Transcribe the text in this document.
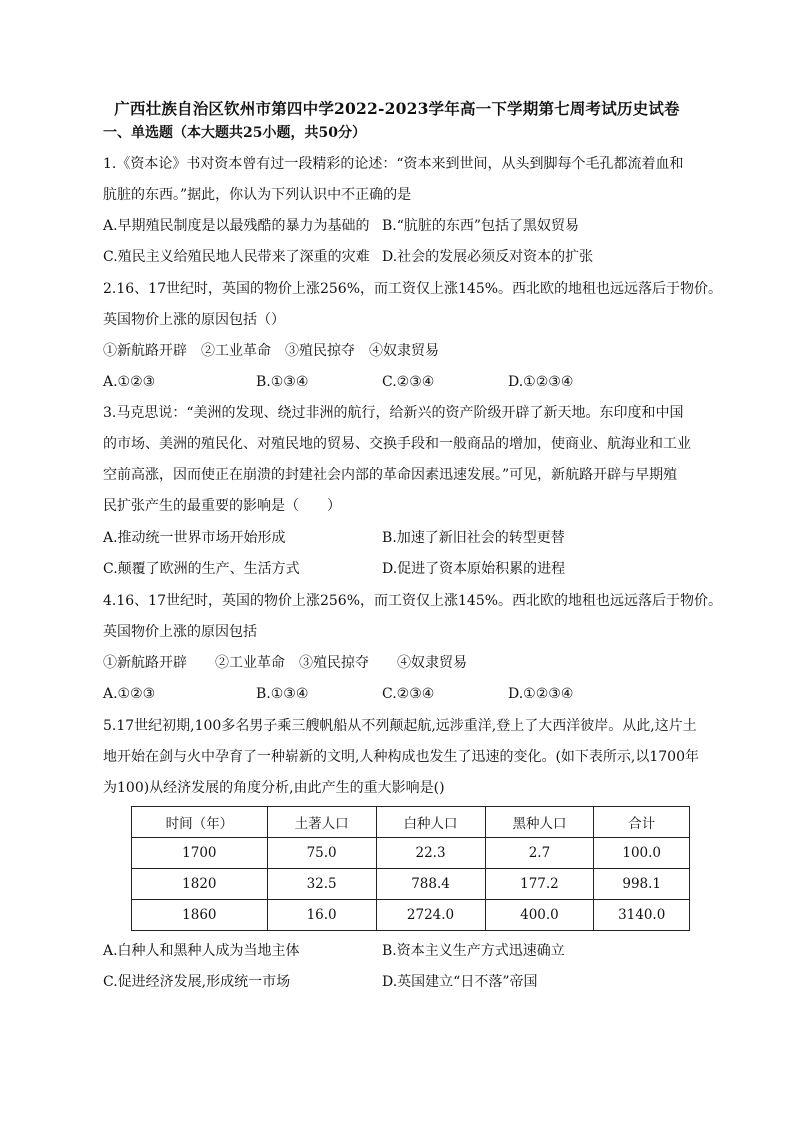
广西壮族自治区钦州市第四中学2022-2023学年高一下学期第七周考试历史试卷
一、单选题（本大题共25小题，共50分）
1.《资本论》书对资本曾有过一段精彩的论述：“资本来到世间，从头到脚每个毛孔都流着血和
肮脏的东西。”据此，你认为下列认识中不正确的是
A.早期殖民制度是以最残酷的暴力为基础的 B.“肮脏的东西”包括了黑奴贸易
C.殖民主义给殖民地人民带来了深重的灾难 D.社会的发展必须反对资本的扩张
2.16、17世纪时，英国的物价上涨256%，而工资仅上涨145%。西北欧的地租也远远落后于物价。
英国物价上涨的原因包括（）
①新航路开辟　②工业革命　③殖民掠夺　④奴隶贸易
A.①②③	B.①③④	C.②③④	D.①②③④
3.马克思说：“美洲的发现、绕过非洲的航行，给新兴的资产阶级开辟了新天地。东印度和中国
的市场、美洲的殖民化、对殖民地的贸易、交换手段和一般商品的增加，使商业、航海业和工业
空前高涨，因而使正在崩溃的封建社会内部的革命因素迅速发展。”可见，新航路开辟与早期殖
民扩张产生的最重要的影响是（　　）
A.推动统一世界市场开始形成	B.加速了新旧社会的转型更替
C.颠覆了欧洲的生产、生活方式	D.促进了资本原始积累的进程
4.16、17世纪时，英国的物价上涨256%，而工资仅上涨145%。西北欧的地租也远远落后于物价。
英国物价上涨的原因包括
①新航路开辟　　②工业革命　③殖民掠夺　　④奴隶贸易
A.①②③	B.①③④	C.②③④	D.①②③④
5.17世纪初期,100多名男子乘三艘帆船从不列颠起航,远涉重洋,登上了大西洋彼岸。从此,这片土
地开始在剑与火中孕育了一种崭新的文明,人种构成也发生了迅速的变化。(如下表所示,以1700年
为100)从经济发展的角度分析,由此产生的重大影响是()
时间（年）	土著人口	白种人口	黑种人口	合计
1700	75.0	22.3	2.7	100.0
1820	32.5	788.4	177.2	998.1
1860	16.0	2724.0	400.0	3140.0
A.白种人和黑种人成为当地主体	B.资本主义生产方式迅速确立
C.促进经济发展,形成统一市场	D.英国建立“日不落”帝国
